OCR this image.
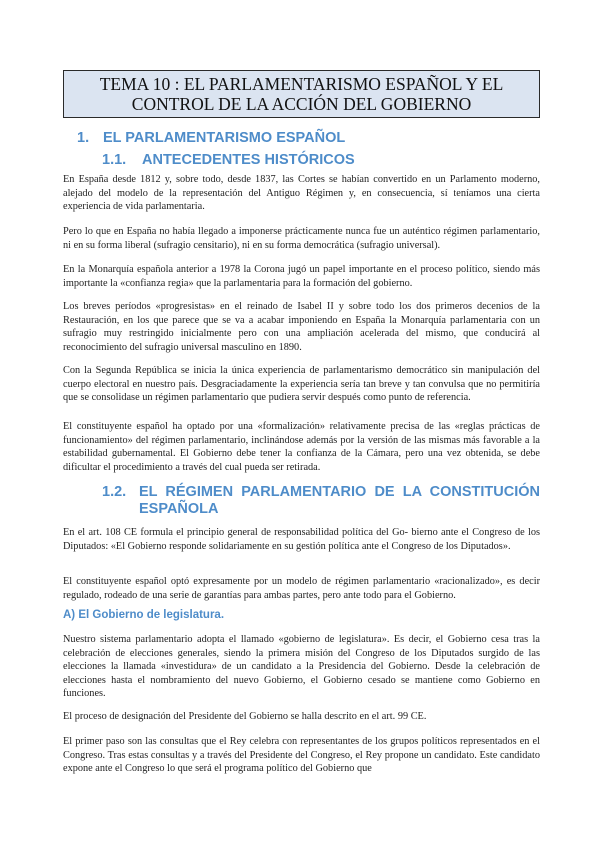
TEMA 10 : EL PARLAMENTARISMO ESPAÑOL Y EL CONTROL DE LA ACCIÓN DEL GOBIERNO
1. EL PARLAMENTARISMO ESPAÑOL
1.1. ANTECEDENTES HISTÓRICOS

En España desde 1812 y, sobre todo, desde 1837, las Cortes se habían convertido en un Parlamento moderno, alejado del modelo de la representación del Antiguo Régimen y, en consecuencia, sí teníamos una cierta experiencia de vida parlamentaria.

Pero lo que en España no había llegado a imponerse prácticamente nunca fue un auténtico régimen parlamentario, ni en su forma liberal (sufragio censitario), ni en su forma democrática (sufragio universal).

En la Monarquía española anterior a 1978 la Corona jugó un papel importante en el proceso político, siendo más importante la «confianza regia» que la parlamentaria para la formación del gobierno.

Los breves períodos «progresistas» en el reinado de Isabel II y sobre todo los dos primeros decenios de la Restauración, en los que parece que se va a acabar imponiendo en España la Monarquía parlamentaria con un sufragio muy restringido inicialmente pero con una ampliación acelerada del mismo, que conducirá al reconocimiento del sufragio universal masculino en 1890.

Con la Segunda República se inicia la única experiencia de parlamentarismo democrático sin manipulación del cuerpo electoral en nuestro país. Desgraciadamente la experiencia sería tan breve y tan convulsa que no permitiría que se consolidase un régimen parlamentario que pudiera servir después como punto de referencia.

El constituyente español ha optado por una «formalización» relativamente precisa de las «reglas prácticas de funcionamiento» del régimen parlamentario, inclinándose además por la versión de las mismas más favorable a la estabilidad gubernamental. El Gobierno debe tener la confianza de la Cámara, pero una vez obtenida, se debe dificultar el procedimiento a través del cual pueda ser retirada.

1.2. EL RÉGIMEN PARLAMENTARIO DE LA CONSTITUCIÓN ESPAÑOLA

En el art. 108 CE formula el principio general de responsabilidad política del Go- bierno ante el Congreso de los Diputados: «El Gobierno responde solidariamente en su gestión política ante el Congreso de los Diputados».

El constituyente español optó expresamente por un modelo de régimen parlamentario «racionalizado», es decir regulado, rodeado de una serie de garantías para ambas partes, pero ante todo para el Gobierno.

A) El Gobierno de legislatura.

Nuestro sistema parlamentario adopta el llamado «gobierno de legislatura». Es decir, el Gobierno cesa tras la celebración de elecciones generales, siendo la primera misión del Congreso de los Diputados surgido de las elecciones la llamada «investidura» de un candidato a la Presidencia del Gobierno. Desde la celebración de elecciones hasta el nombramiento del nuevo Gobierno, el Gobierno cesado se mantiene como Gobierno en funciones.

El proceso de designación del Presidente del Gobierno se halla descrito en el art. 99 CE.

El primer paso son las consultas que el Rey celebra con representantes de los grupos políticos representados en el Congreso. Tras estas consultas y a través del Presidente del Congreso, el Rey propone un candidato. Este candidato expone ante el Congreso lo que será el programa político del Gobierno que
